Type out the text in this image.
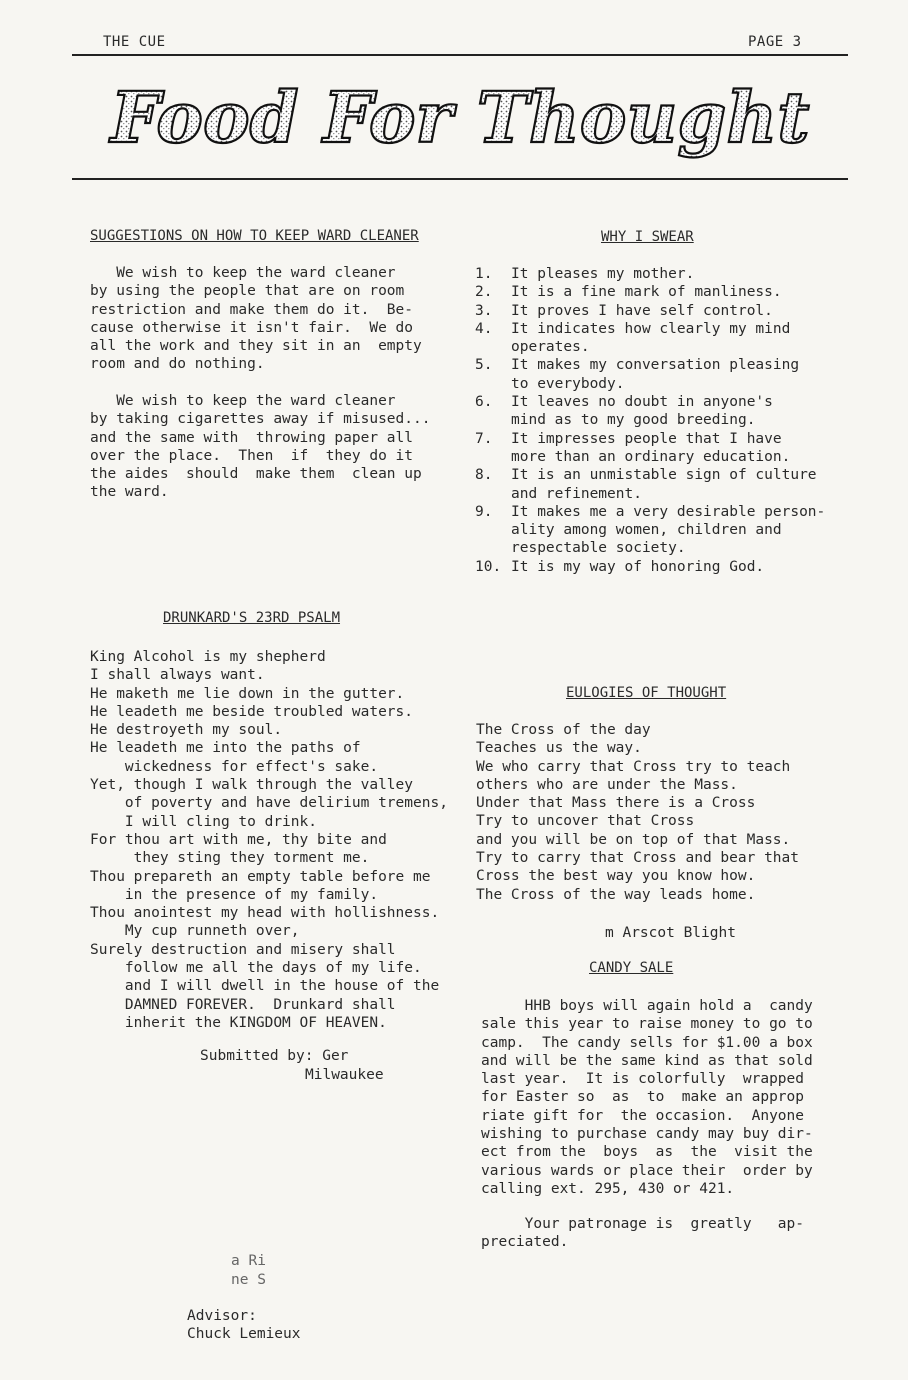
THE CUE	PAGE 3
Food For Thought
SUGGESTIONS ON HOW TO KEEP WARD CLEANER
We wish to keep the ward cleaner
by using the people that are on room
restriction and make them do it.  Be-
cause otherwise it isn't fair.  We do
all the work and they sit in an  empty
room and do nothing.
We wish to keep the ward cleaner
by taking cigarettes away if misused...
and the same with  throwing paper all
over the place.  Then  if  they do it
the aides  should  make them  clean up
the ward.
WHY I SWEAR
1.	It pleases my mother.
2.	It is a fine mark of manliness.
3.	It proves I have self control.
4.	It indicates how clearly my mind
operates.
5.	It makes my conversation pleasing
to everybody.
6.	It leaves no doubt in anyone's
mind as to my good breeding.
7.	It impresses people that I have
more than an ordinary education.
8.	It is an unmistable sign of culture
and refinement.
9.	It makes me a very desirable person-
ality among women, children and
respectable society.
10. It is my way of honoring God.
DRUNKARD'S 23RD PSALM
King Alcohol is my shepherd
I shall always want.
He maketh me lie down in the gutter.
He leadeth me beside troubled waters.
He destroyeth my soul.
He leadeth me into the paths of
wickedness for effect's sake.
Yet, though I walk through the valley
of poverty and have delirium tremens,
I will cling to drink.
For thou art with me, thy bite and
they sting they torment me.
Thou prepareth an empty table before me
in the presence of my family.
Thou anointest my head with hollishness.
My cup runneth over,
Surely destruction and misery shall
follow me all the days of my life.
and I will dwell in the house of the
DAMNED FOREVER.  Drunkard shall
inherit the KINGDOM OF HEAVEN.
Submitted by: Ger
Milwaukee
EULOGIES OF THOUGHT
The Cross of the day
Teaches us the way.
We who carry that Cross try to teach
others who are under the Mass.
Under that Mass there is a Cross
Try to uncover that Cross
and you will be on top of that Mass.
Try to carry that Cross and bear that
Cross the best way you know how.
The Cross of the way leads home.
m Arscot Blight
CANDY SALE
HHB boys will again hold a  candy
sale this year to raise money to go to
camp.  The candy sells for $1.00 a box
and will be the same kind as that sold
last year.  It is colorfully  wrapped
for Easter so  as  to  make an approp
riate gift for  the occasion.  Anyone
wishing to purchase candy may buy dir-
ect from the  boys  as  the  visit the
various wards or place their  order by
calling ext. 295, 430 or 421.
Your patronage is  greatly   ap-
preciated.
a Ri
ne S
Advisor:
Chuck Lemieux
